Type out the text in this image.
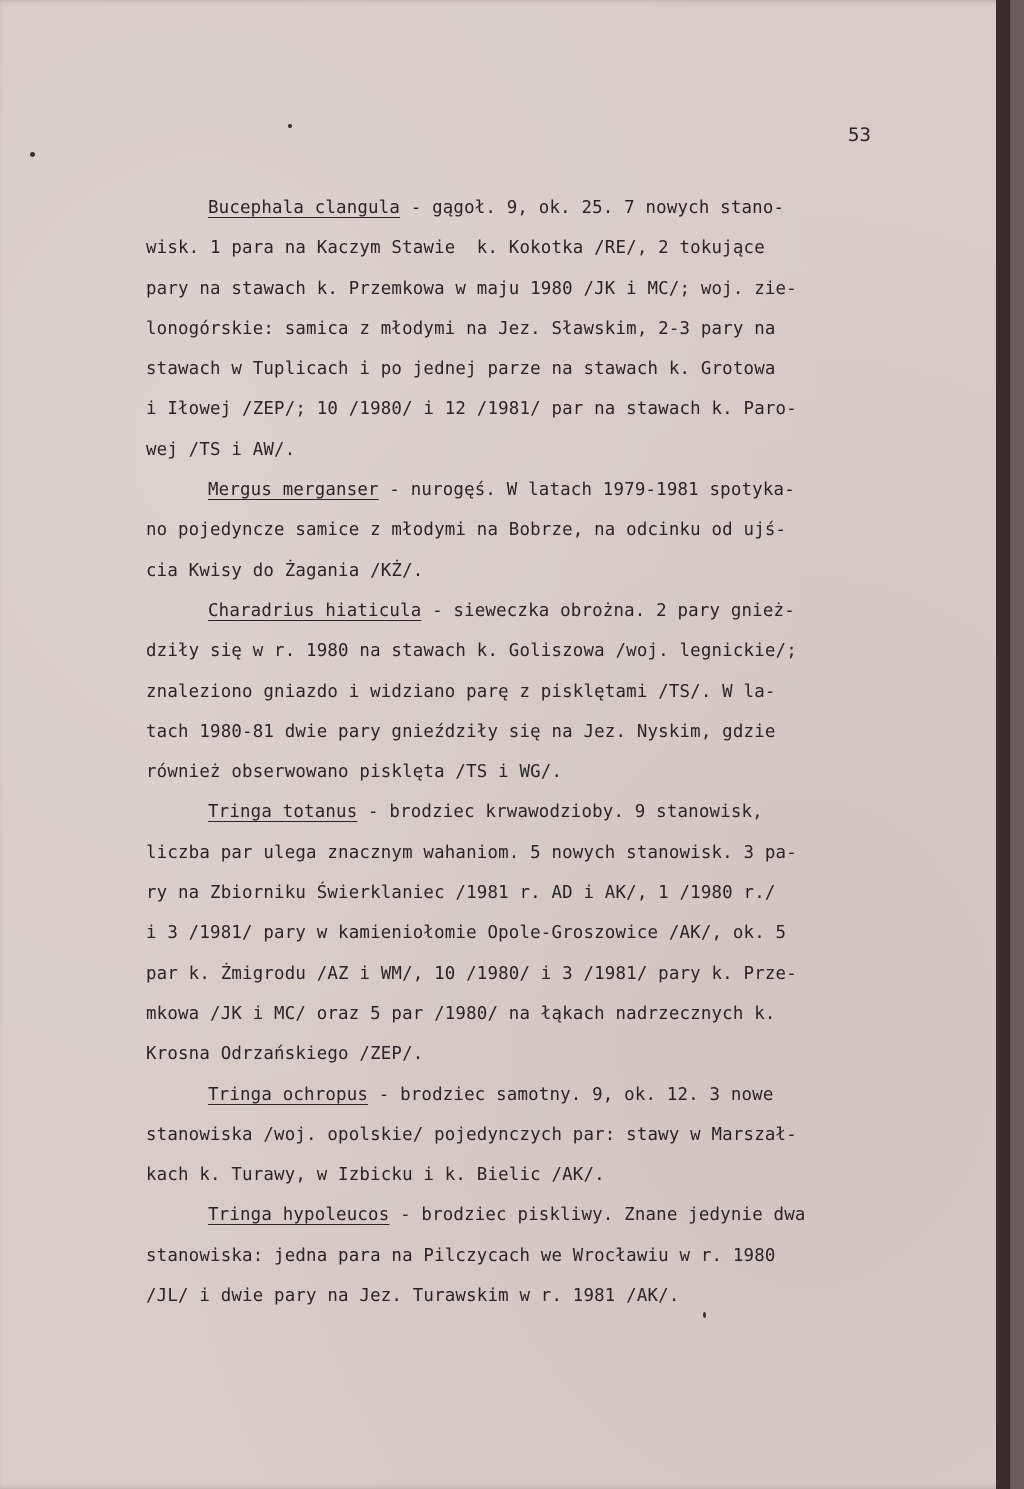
53
Bucephala clangula - gągoł. 9, ok. 25. 7 nowych stano-
wisk. 1 para na Kaczym Stawie  k. Kokotka /RE/, 2 tokujące
pary na stawach k. Przemkowa w maju 1980 /JK i MC/; woj. zie-
lonogórskie: samica z młodymi na Jez. Sławskim, 2-3 pary na
stawach w Tuplicach i po jednej parze na stawach k. Grotowa
i Iłowej /ZEP/; 10 /1980/ i 12 /1981/ par na stawach k. Paro-
wej /TS i AW/.
Mergus merganser - nurogęś. W latach 1979-1981 spotyka-
no pojedyncze samice z młodymi na Bobrze, na odcinku od ujś-
cia Kwisy do Żagania /KŻ/.
Charadrius hiaticula - sieweczka obrożna. 2 pary gnież-
dziły się w r. 1980 na stawach k. Goliszowa /woj. legnickie/;
znaleziono gniazdo i widziano parę z pisklętami /TS/. W la-
tach 1980-81 dwie pary gnieździły się na Jez. Nyskim, gdzie
również obserwowano pisklęta /TS i WG/.
Tringa totanus - brodziec krwawodzioby. 9 stanowisk,
liczba par ulega znacznym wahaniom. 5 nowych stanowisk. 3 pa-
ry na Zbiorniku Świerklaniec /1981 r. AD i AK/, 1 /1980 r./
i 3 /1981/ pary w kamieniołomie Opole-Groszowice /AK/, ok. 5
par k. Żmigrodu /AZ i WM/, 10 /1980/ i 3 /1981/ pary k. Prze-
mkowa /JK i MC/ oraz 5 par /1980/ na łąkach nadrzecznych k.
Krosna Odrzańskiego /ZEP/.
Tringa ochropus - brodziec samotny. 9, ok. 12. 3 nowe
stanowiska /woj. opolskie/ pojedynczych par: stawy w Marszał-
kach k. Turawy, w Izbicku i k. Bielic /AK/.
Tringa hypoleucos - brodziec piskliwy. Znane jedynie dwa
stanowiska: jedna para na Pilczycach we Wrocławiu w r. 1980
/JL/ i dwie pary na Jez. Turawskim w r. 1981 /AK/.
